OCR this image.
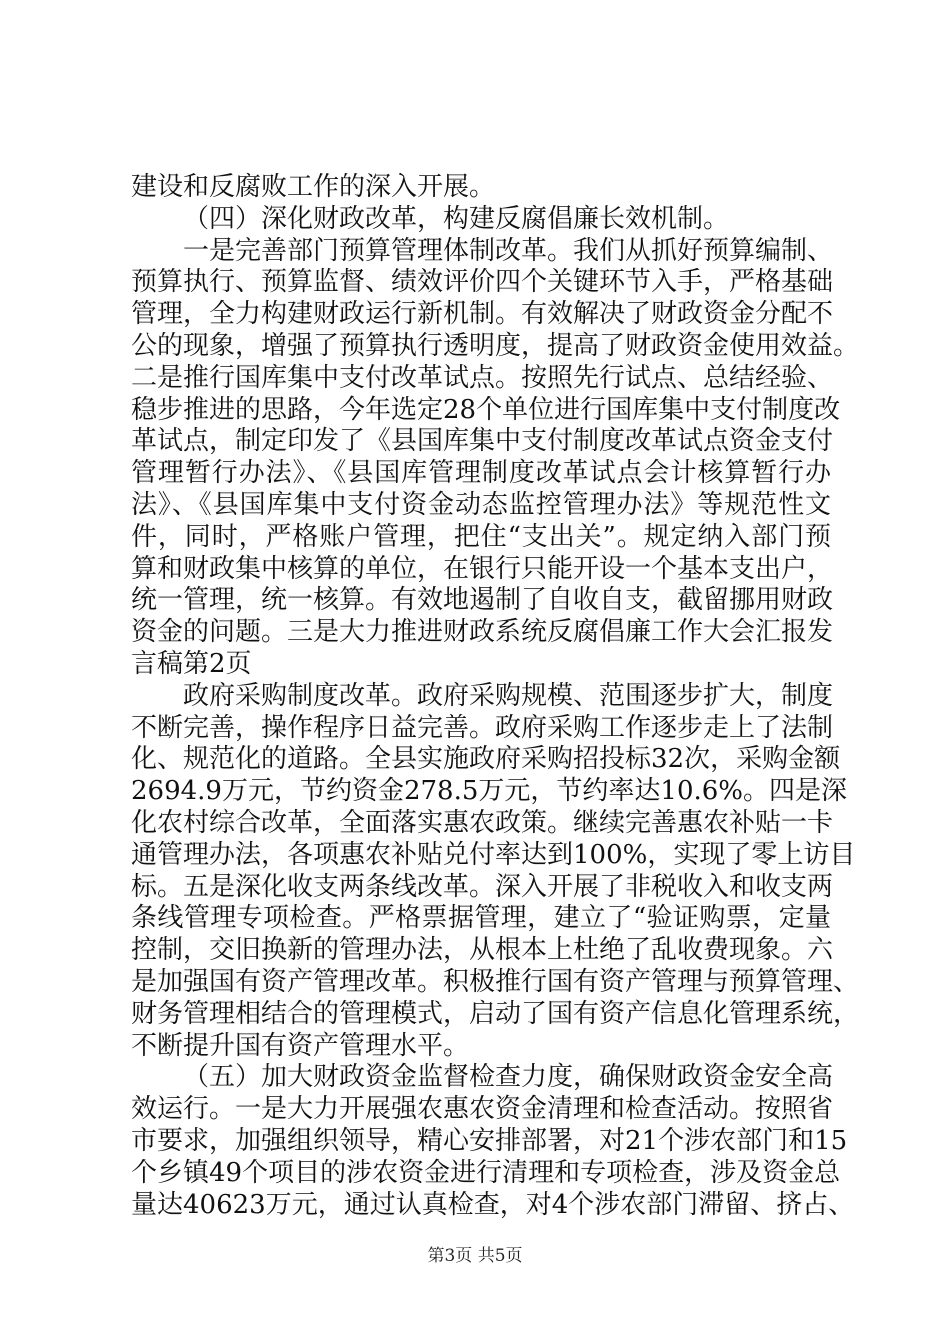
建设和反腐败工作的深入开展。
（四）深化财政改革，构建反腐倡廉长效机制。
一是完善部门预算管理体制改革。我们从抓好预算编制、
预算执行、预算监督、绩效评价四个关键环节入手，严格基础
管理，全力构建财政运行新机制。有效解决了财政资金分配不
公的现象，增强了预算执行透明度，提高了财政资金使用效益。
二是推行国库集中支付改革试点。按照先行试点、总结经验、
稳步推进的思路，今年选定28个单位进行国库集中支付制度改
革试点，制定印发了《县国库集中支付制度改革试点资金支付
管理暂行办法》、《县国库管理制度改革试点会计核算暂行办
法》、《县国库集中支付资金动态监控管理办法》等规范性文
件，同时，严格账户管理，把住“支出关”。规定纳入部门预
算和财政集中核算的单位，在银行只能开设一个基本支出户，
统一管理，统一核算。有效地遏制了自收自支，截留挪用财政
资金的问题。三是大力推进财政系统反腐倡廉工作大会汇报发
言稿第2页
政府采购制度改革。政府采购规模、范围逐步扩大，制度
不断完善，操作程序日益完善。政府采购工作逐步走上了法制
化、规范化的道路。全县实施政府采购招投标32次，采购金额
2694.9万元，节约资金278.5万元，节约率达10.6%。四是深
化农村综合改革，全面落实惠农政策。继续完善惠农补贴一卡
通管理办法，各项惠农补贴兑付率达到100%，实现了零上访目
标。五是深化收支两条线改革。深入开展了非税收入和收支两
条线管理专项检查。严格票据管理，建立了“验证购票，定量
控制，交旧换新的管理办法，从根本上杜绝了乱收费现象。六
是加强国有资产管理改革。积极推行国有资产管理与预算管理、
财务管理相结合的管理模式，启动了国有资产信息化管理系统，
不断提升国有资产管理水平。
（五）加大财政资金监督检查力度，确保财政资金安全高
效运行。一是大力开展强农惠农资金清理和检查活动。按照省
市要求，加强组织领导，精心安排部署，对21个涉农部门和15
个乡镇49个项目的涉农资金进行清理和专项检查，涉及资金总
量达40623万元，通过认真检查，对4个涉农部门滞留、挤占、
第3页 共5页
